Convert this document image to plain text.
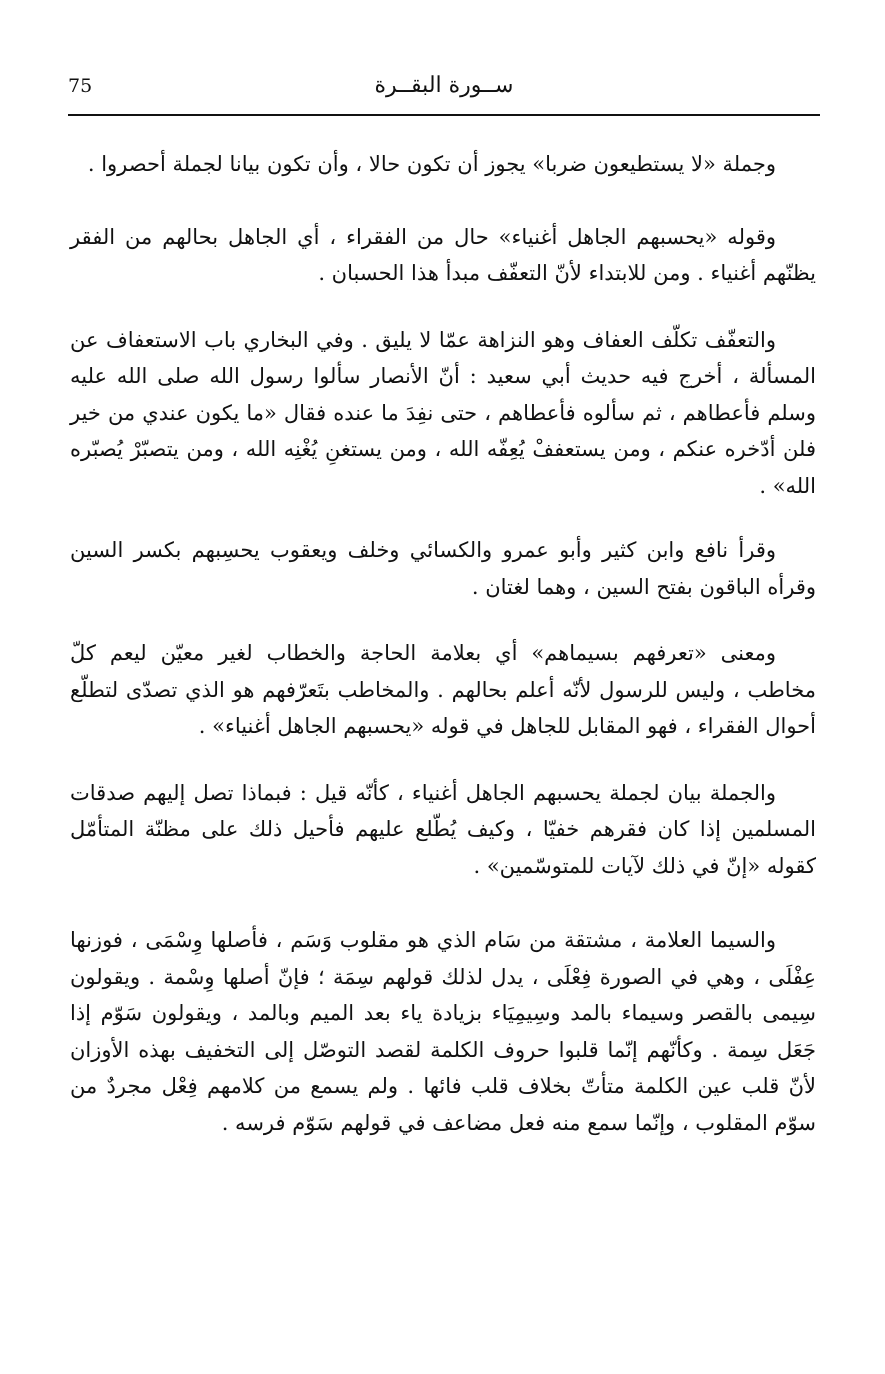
ســورة البقــرة
75

وجملة «لا يستطيعون ضربا» يجوز أن تكون حالا ، وأن تكون بيانا لجملة أحصروا .

وقوله «يحسبهم الجاهل أغنياء» حال من الفقراء ، أي الجاهل بحالهم من الفقر يظنّهم أغنياء . ومن للابتداء لأنّ التعفّف مبدأ هذا الحسبان .

والتعفّف تكلّف العفاف وهو النزاهة عمّا لا يليق . وفي البخاري باب الاستعفاف عن المسألة ، أخرج فيه حديث أبي سعيد : أنّ الأنصار سألوا رسول الله صلى الله عليه وسلم فأعطاهم ، ثم سألوه فأعطاهم ، حتى نفِدَ ما عنده فقال «ما يكون عندي من خير فلن أدّخره عنكم ، ومن يستعففْ يُعِفّه الله ، ومن يستغنِ يُغْنِه الله ، ومن يتصبّرْ يُصبّره الله» .

وقرأ نافع وابن كثير وأبو عمرو والكسائي وخلف ويعقوب يحسِبهم بكسر السين وقرأه الباقون بفتح السين ، وهما لغتان .

ومعنى «تعرفهم بسيماهم» أي بعلامة الحاجة والخطاب لغير معيّن ليعم كلّ مخاطب ، وليس للرسول لأنّه أعلم بحالهم . والمخاطب بتَعرّفهم هو الذي تصدّى لتطلّع أحوال الفقراء ، فهو المقابل للجاهل في قوله «يحسبهم الجاهل أغنياء» .

والجملة بيان لجملة يحسبهم الجاهل أغنياء ، كأنّه قيل : فبماذا تصل إليهم صدقات المسلمين إذا كان فقرهم خفيّا ، وكيف يُطّلع عليهم فأحيل ذلك على مظنّة المتأمّل كقوله «إنّ في ذلك لآيات للمتوسّمين» .

والسيما العلامة ، مشتقة من سَام الذي هو مقلوب وَسَم ، فأصلها وِسْمَى ، فوزنها عِفْلَى ، وهي في الصورة فِعْلَى ، يدل لذلك قولهم سِمَة ؛ فإنّ أصلها وِسْمة . ويقولون سِيمى بالقصر وسيماء بالمد وسِيمِيَاء بزيادة ياء بعد الميم وبالمد ، ويقولون سَوّم إذا جَعَل سِمة . وكأنّهم إنّما قلبوا حروف الكلمة لقصد التوصّل إلى التخفيف بهذه الأوزان لأنّ قلب عين الكلمة متأتّ بخلاف قلب فائها . ولم يسمع من كلامهم فِعْل مجردٌ من سوّم المقلوب ، وإنّما سمع منه فعل مضاعف في قولهم سَوّم فرسه .
